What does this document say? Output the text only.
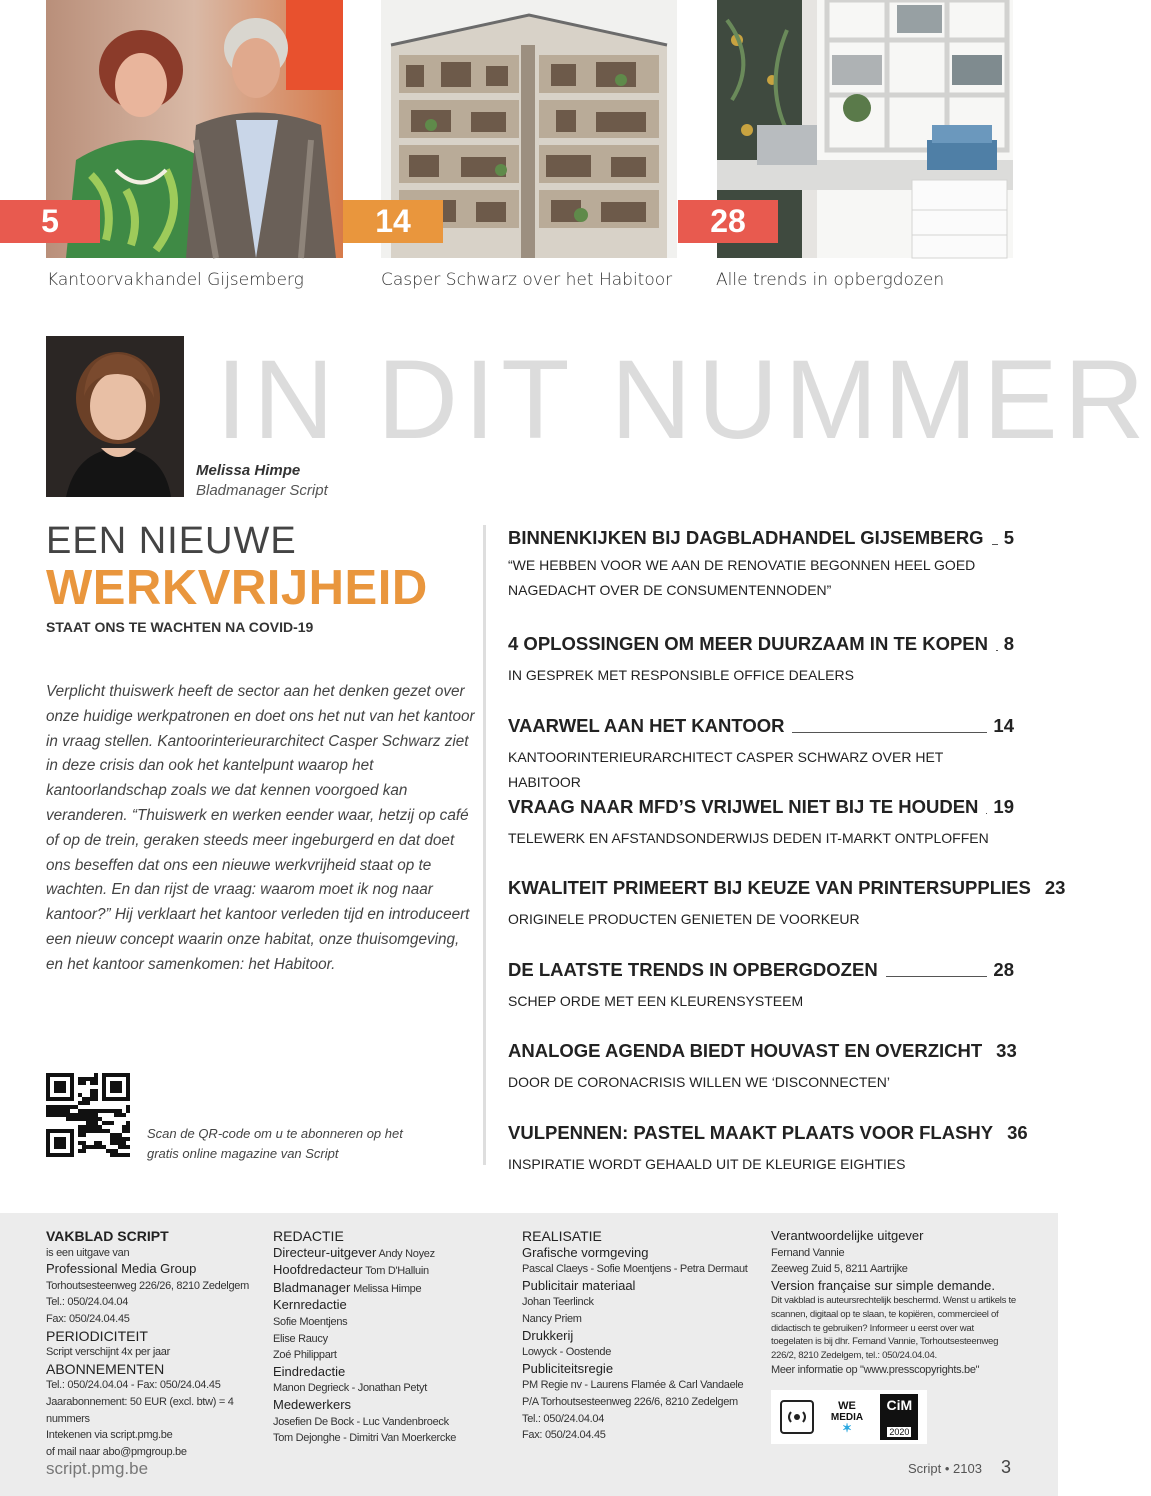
5
Kantoorvakhandel Gijsemberg
14
Casper Schwarz over het Habitoor
28
Alle trends in opbergdozen
IN DIT NUMMER
Melissa Himpe
Bladmanager Script
EEN NIEUWE
WERKVRIJHEID
STAAT ONS TE WACHTEN NA COVID-19
Verplicht thuiswerk heeft de sector aan het denken gezet over onze huidige werkpatronen en doet ons het nut van het kantoor in vraag stellen. Kantoorinterieurarchitect Casper Schwarz ziet in deze crisis dan ook het kantelpunt waarop het kantoorlandschap zoals we dat kennen voorgoed kan veranderen. “Thuiswerk en werken eender waar, hetzij op café of op de trein, geraken steeds meer ingeburgerd en dat doet ons beseffen dat ons een nieuwe werkvrijheid staat op te wachten. En dan rijst de vraag: waarom moet ik nog naar kantoor?” Hij verklaart het kantoor verleden tijd en introduceert een nieuw concept waarin onze habitat, onze thuisomgeving, en het kantoor samenkomen: het Habitoor.
Scan de QR-code om u te abonneren op het gratis online magazine van Script
BINNENKIJKEN BIJ DAGBLADHANDEL GIJSEMBERG 5
“WE HEBBEN VOOR WE AAN DE RENOVATIE BEGONNEN HEEL GOED NAGEDACHT OVER DE CONSUMENTENNODEN”
4 OPLOSSINGEN OM MEER DUURZAAM IN TE KOPEN 8
IN GESPREK MET RESPONSIBLE OFFICE DEALERS
VAARWEL AAN HET KANTOOR	14
KANTOORINTERIEURARCHITECT CASPER SCHWARZ OVER HET HABITOOR
VRAAG NAAR MFD’S VRIJWEL NIET BIJ TE HOUDEN 19
TELEWERK EN AFSTANDSONDERWIJS DEDEN IT-MARKT ONTPLOFFEN
KWALITEIT PRIMEERT BIJ KEUZE VAN PRINTERSUPPLIES 23
ORIGINELE PRODUCTEN GENIETEN DE VOORKEUR
DE LAATSTE TRENDS IN OPBERGDOZEN	28
SCHEP ORDE MET EEN KLEURENSYSTEEM
ANALOGE AGENDA BIEDT HOUVAST EN OVERZICHT 33
DOOR DE CORONACRISIS WILLEN WE ‘DISCONNECTEN’
VULPENNEN: PASTEL MAAKT PLAATS VOOR FLASHY 36
INSPIRATIE WORDT GEHAALD UIT DE KLEURIGE EIGHTIES
VAKBLAD SCRIPT
is een uitgave van
Professional Media Group
Torhoutsesteenweg 226/26, 8210 Zedelgem
Tel.: 050/24.04.04
Fax: 050/24.04.45
PERIODICITEIT
Script verschijnt 4x per jaar
ABONNEMENTEN
Tel.: 050/24.04.04 - Fax: 050/24.04.45
Jaarabonnement: 50 EUR (excl. btw) = 4 nummers
Intekenen via script.pmg.be
of mail naar abo@pmgroup.be
REDACTIE
Directeur-uitgever Andy Noyez
Hoofdredacteur Tom D'Halluin
Bladmanager Melissa Himpe
Kernredactie
Sofie Moentjens
Elise Raucy
Zoé Philippart
Eindredactie
Manon Degrieck - Jonathan Petyt
Medewerkers
Josefien De Bock - Luc Vandenbroeck
Tom Dejonghe - Dimitri Van Moerkercke
REALISATIE
Grafische vormgeving
Pascal Claeys - Sofie Moentjens - Petra Dermaut
Publicitair materiaal
Johan Teerlinck
Nancy Priem
Drukkerij
Lowyck - Oostende
Publiciteitsregie
PM Regie nv - Laurens Flamée & Carl Vandaele
P/A Torhoutsesteenweg 226/6, 8210 Zedelgem
Tel.: 050/24.04.04
Fax: 050/24.04.45
Verantwoordelijke uitgever
Fernand Vannie
Zeeweg Zuid 5, 8211 Aartrijke
Version française sur simple demande.
Dit vakblad is auteursrechtelijk beschermd. Wenst u artikels te scannen, digitaal op te slaan, te kopiëren, commercieel of didactisch te gebruiken? Informeer u eerst over wat toegelaten is bij dhr. Fernand Vannie, Torhoutsesteenweg 226/2, 8210 Zedelgem, tel.: 050/24.04.04.
Meer informatie op "www.presscopyrights.be"
WE
MEDIA
✶
CiM
2020
script.pmg.be	Script • 2103 3
